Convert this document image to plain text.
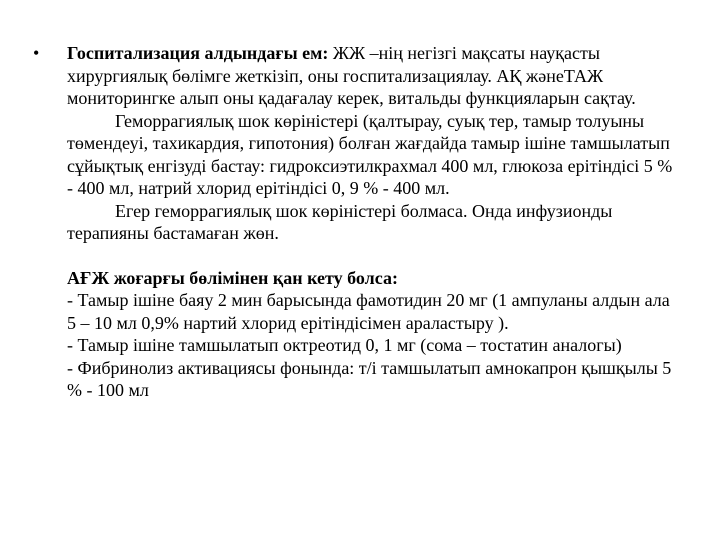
• Госпитализация алдындағы ем: ЖЖ –нің негізгі мақсаты науқасты хирургиялық бөлімге жеткізіп, оны госпитализациялау. АҚ жәнеТАЖ мониторингке алып оны қадағалау керек, витальды функцияларын сақтау.

Геморрагиялық шок көріністері (қалтырау, суық тер, тамыр толуыны төмендеуі, тахикардия, гипотония) болған жағдайда тамыр ішіне тамшылатып сұйықтық енгізуді бастау: гидроксиэтилкрахмал 400 мл, глюкоза ерітіндісі 5 % - 400 мл, натрий хлорид ерітіндісі 0, 9 % - 400 мл.

Егер геморрагиялық шок көріністері болмаса. Онда инфузионды терапияны бастамаған жөн.

АҒЖ жоғарғы бөлімінен қан кету болса:

- Тамыр ішіне баяу 2 мин барысында фамотидин 20 мг (1 ампуланы алдын ала 5 – 10 мл 0,9% нартий хлорид ерітіндісімен араластыру ).

- Тамыр ішіне тамшылатып октреотид 0, 1 мг (сома – тостатин аналогы)

- Фибринолиз активациясы фонында: т/і тамшылатып амнокапрон қышқылы 5 % - 100 мл
